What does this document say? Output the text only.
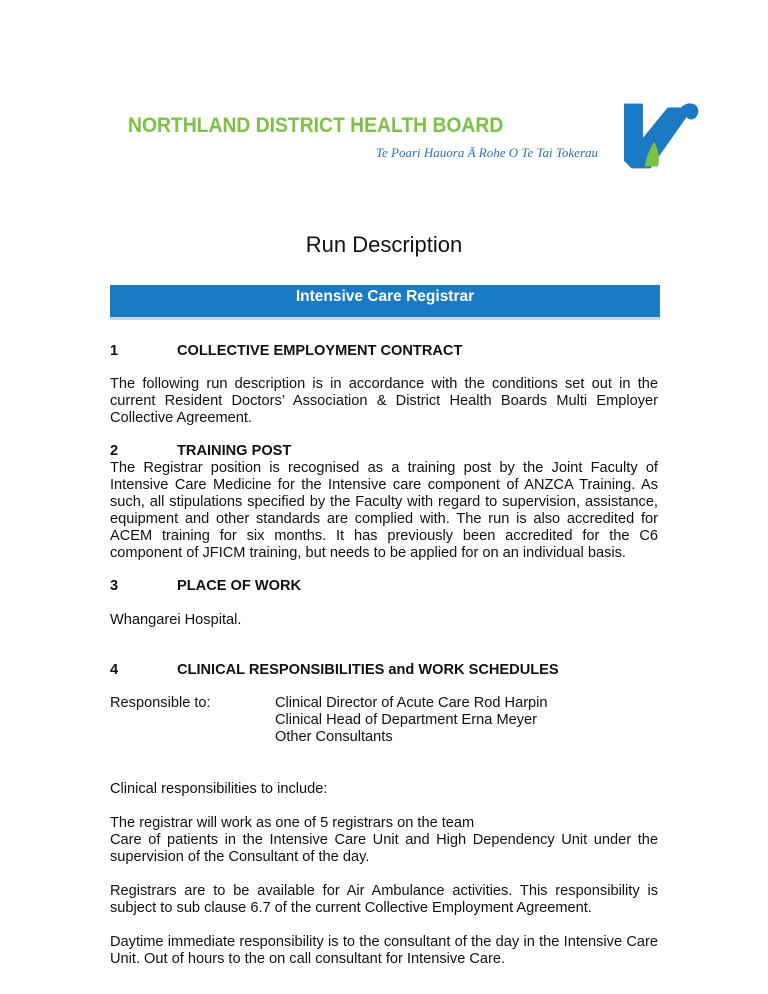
NORTHLAND DISTRICT HEALTH BOARD
Te Poari Hauora Ā Rohe O Te Tai Tokerau
Run Description
Intensive Care Registrar
1	COLLECTIVE EMPLOYMENT CONTRACT

The following run description is in accordance with the conditions set out in the current Resident Doctors’ Association & District Health Boards Multi Employer Collective Agreement.

2	TRAINING POST

The Registrar position is recognised as a training post by the Joint Faculty of Intensive Care Medicine for the Intensive care component of ANZCA Training. As such, all stipulations specified by the Faculty with regard to supervision, assistance, equipment and other standards are complied with. The run is also accredited for ACEM training for six months. It has previously been accredited for the C6 component of JFICM training, but needs to be applied for on an individual basis.

3	PLACE OF WORK

Whangarei Hospital.

4	CLINICAL RESPONSIBILITIES and WORK SCHEDULES
Responsible to:	Clinical Director of Acute Care Rod Harpin
Clinical Head of Department Erna Meyer
Other Consultants

Clinical responsibilities to include:

The registrar will work as one of 5 registrars on the team

Care of patients in the Intensive Care Unit and High Dependency Unit under the supervision of the Consultant of the day.

Registrars are to be available for Air Ambulance activities. This responsibility is subject to sub clause 6.7 of the current Collective Employment Agreement.

Daytime immediate responsibility is to the consultant of the day in the Intensive Care Unit. Out of hours to the on call consultant for Intensive Care.
